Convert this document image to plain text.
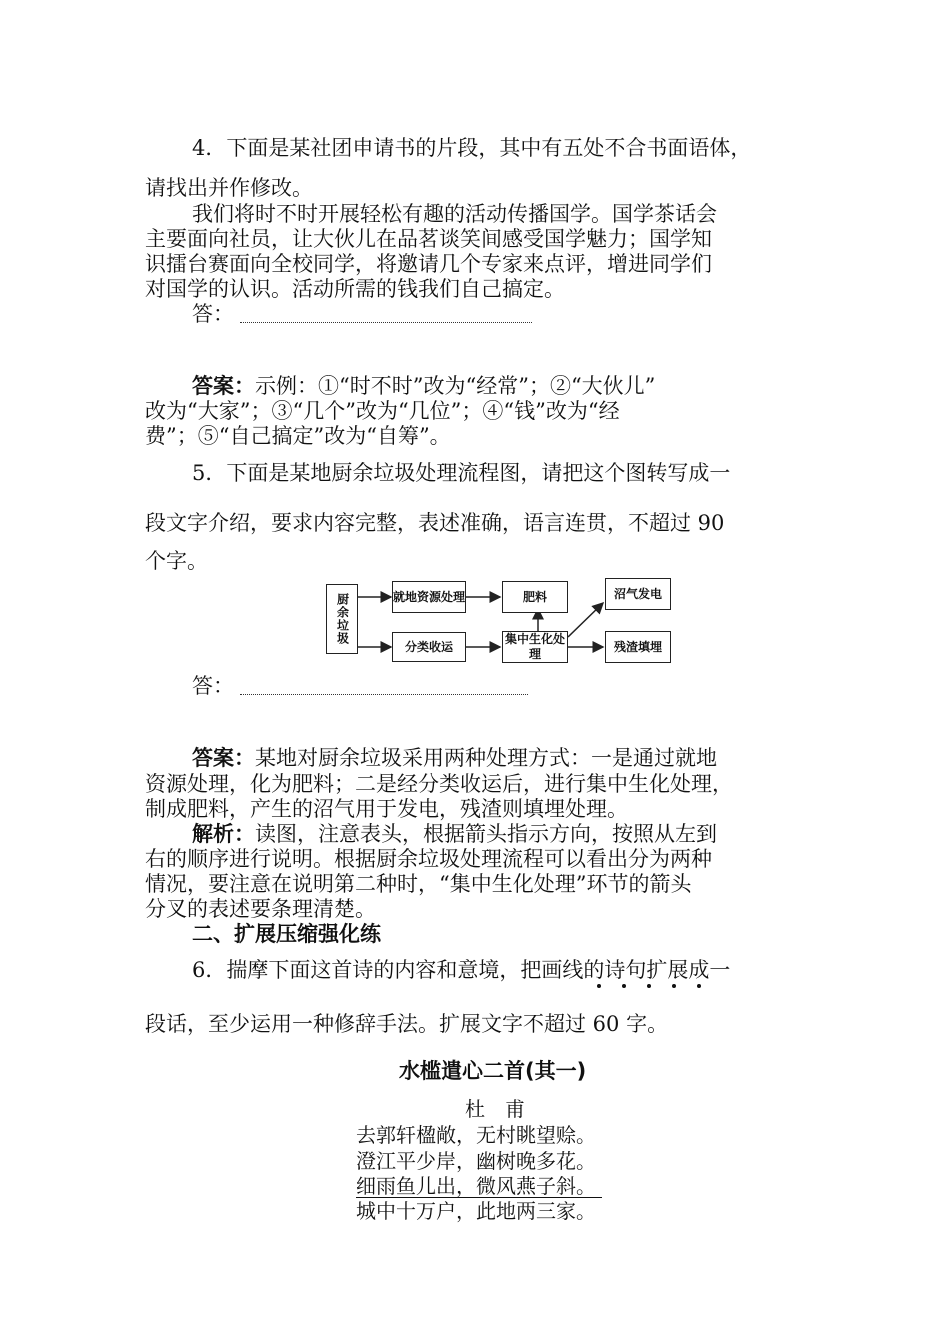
4．下面是某社团申请书的片段，其中有五处不合书面语体，
请找出并作修改。
我们将时不时开展轻松有趣的活动传播国学。国学茶话会
主要面向社员，让大伙儿在品茗谈笑间感受国学魅力；国学知
识擂台赛面向全校同学，将邀请几个专家来点评，增进同学们
对国学的认识。活动所需的钱我们自己搞定。
答：
答案：示例：①“时不时”改为“经常”；②“大伙儿”
改为“大家”；③“几个”改为“几位”；④“钱”改为“经
费”；⑤“自己搞定”改为“自筹”。
5．下面是某地厨余垃圾处理流程图，请把这个图转写成一
段文字介绍，要求内容完整，表述准确，语言连贯，不超过 90
个字。
厨余垃圾	就地资源处理
分类收运
肥料
集中生化处理
沼气发电
残渣填埋
答：
答案：某地对厨余垃圾采用两种处理方式：一是通过就地
资源处理，化为肥料；二是经分类收运后，进行集中生化处理，
制成肥料，产生的沼气用于发电，残渣则填埋处理。
解析：读图，注意表头，根据箭头指示方向，按照从左到
右的顺序进行说明。根据厨余垃圾处理流程可以看出分为两种
情况，要注意在说明第二种时，“集中生化处理”环节的箭头
分叉的表述要条理清楚。
二、扩展压缩强化练
6．揣摩下面这首诗的内容和意境，把画线的诗句扩展成一
段话，至少运用一种修辞手法。扩展文字不超过 60 字。
水槛遣心二首(其一)
杜　甫
去郭轩楹敞，无村眺望赊。
澄江平少岸，幽树晚多花。
细雨鱼儿出，微风燕子斜。
城中十万户，此地两三家。
